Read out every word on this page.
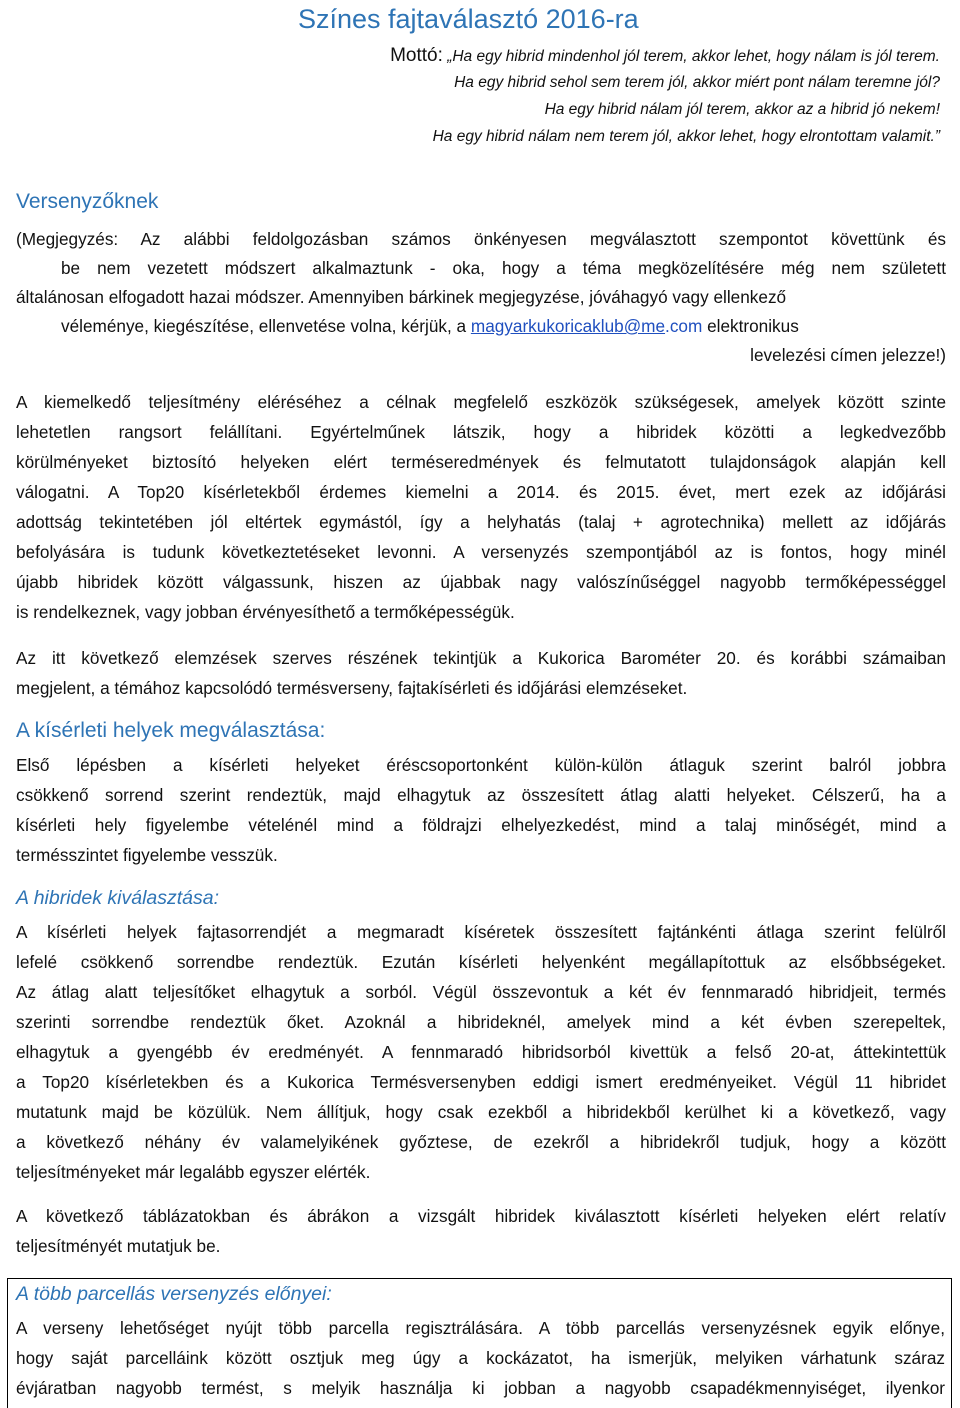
Színes fajtaválasztó 2016-ra
Mottó: „Ha egy hibrid mindenhol jól terem, akkor lehet, hogy nálam is jól terem.
Ha egy hibrid sehol sem terem jól, akkor miért pont nálam teremne jól?
Ha egy hibrid nálam jól terem, akkor az a hibrid jó nekem!
Ha egy hibrid nálam nem terem jól, akkor lehet, hogy elrontottam valamit.”
Versenyzőknek
(Megjegyzés: Az alábbi feldolgozásban számos önkényesen megválasztott szempontot követtünk és
be nem vezetett módszert alkalmaztunk - oka, hogy a téma megközelítésére még nem született
általánosan elfogadott hazai módszer. Amennyiben bárkinek megjegyzése, jóváhagyó vagy ellenkező
véleménye, kiegészítése, ellenvetése volna, kérjük, a magyarkukoricaklub@me.com elektronikus
levelezési címen jelezze!)
A kiemelkedő teljesítmény eléréséhez a célnak megfelelő eszközök szükségesek, amelyek között szinte
lehetetlen rangsort felállítani. Egyértelműnek látszik, hogy a hibridek közötti a legkedvezőbb
körülményeket biztosító helyeken elért terméseredmények és felmutatott tulajdonságok alapján kell
válogatni. A Top20 kísérletekből érdemes kiemelni a 2014. és 2015. évet, mert ezek az időjárási
adottság tekintetében jól eltértek egymástól, így a helyhatás (talaj + agrotechnika) mellett az időjárás
befolyására is tudunk következtetéseket levonni. A versenyzés szempontjából az is fontos, hogy minél
újabb hibridek között válgassunk, hiszen az újabbak nagy valószínűséggel nagyobb termőképességgel
is rendelkeznek, vagy jobban érvényesíthető a termőképességük.
Az itt következő elemzések szerves részének tekintjük a Kukorica Barométer 20. és korábbi számaiban
megjelent, a témához kapcsolódó termésverseny, fajtakísérleti és időjárási elemzéseket.
A kísérleti helyek megválasztása:
Első lépésben a kísérleti helyeket éréscsoportonként külön-külön átlaguk szerint balról jobbra
csökkenő sorrend szerint rendeztük, majd elhagytuk az összesített átlag alatti helyeket. Célszerű, ha a
kísérleti hely figyelembe vételénél mind a földrajzi elhelyezkedést, mind a talaj minőségét, mind a
termésszintet figyelembe vesszük.
A hibridek kiválasztása:
A kísérleti helyek fajtasorrendjét a megmaradt kíséretek összesített fajtánkénti átlaga szerint felülről
lefelé csökkenő sorrendbe rendeztük. Ezután kísérleti helyenként megállapítottuk az elsőbbségeket.
Az átlag alatt teljesítőket elhagytuk a sorból. Végül összevontuk a két év fennmaradó hibridjeit, termés
szerinti sorrendbe rendeztük őket. Azoknál a hibrideknél, amelyek mind a két évben szerepeltek,
elhagytuk a gyengébb év eredményét. A fennmaradó hibridsorból kivettük a felső 20-at, áttekintettük
a Top20 kísérletekben és a Kukorica Termésversenyben eddigi ismert eredményeiket. Végül 11 hibridet
mutatunk majd be közülük. Nem állítjuk, hogy csak ezekből a hibridekből kerülhet ki a következő, vagy
a következő néhány év valamelyikének győztese, de ezekről a hibridekről tudjuk, hogy a között
teljesítményeket már legalább egyszer elérték.
A következő táblázatokban és ábrákon a vizsgált hibridek kiválasztott kísérleti helyeken elért relatív
teljesítményét mutatjuk be.
A több parcellás versenyzés előnyei:
A verseny lehetőséget nyújt több parcella regisztrálására. A több parcellás versenyzésnek egyik előnye,
hogy saját parcelláink között osztjuk meg úgy a kockázatot, ha ismerjük, melyiken várhatunk száraz
évjáratban nagyobb termést, s melyik használja ki jobban a nagyobb csapadékmennyiséget, ilyenkor
